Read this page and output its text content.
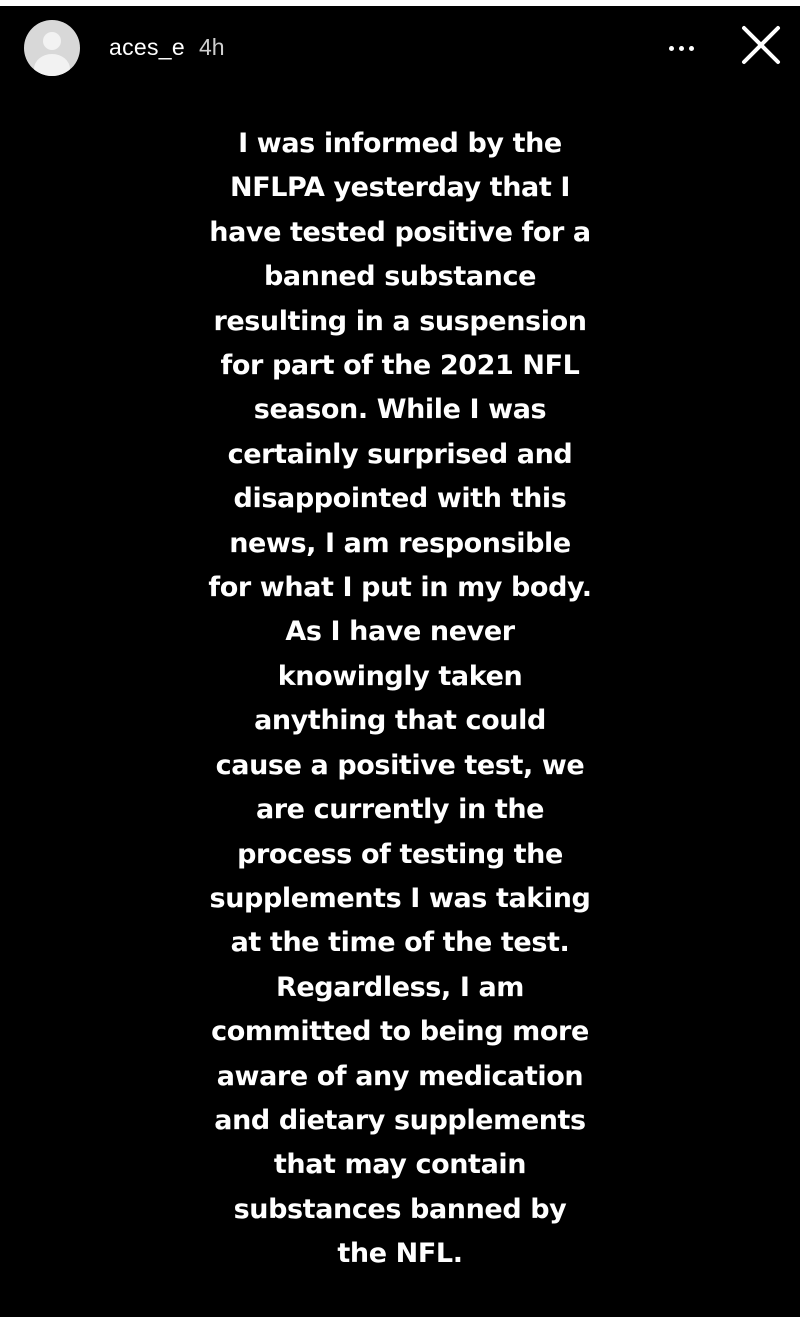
aces_e 4h
I was informed by the
NFLPA yesterday that I
have tested positive for a
banned substance
resulting in a suspension
for part of the 2021 NFL
season. While I was
certainly surprised and
disappointed with this
news, I am responsible
for what I put in my body.
As I have never
knowingly taken
anything that could
cause a positive test, we
are currently in the
process of testing the
supplements I was taking
at the time of the test.
Regardless, I am
committed to being more
aware of any medication
and dietary supplements
that may contain
substances banned by
the NFL.
